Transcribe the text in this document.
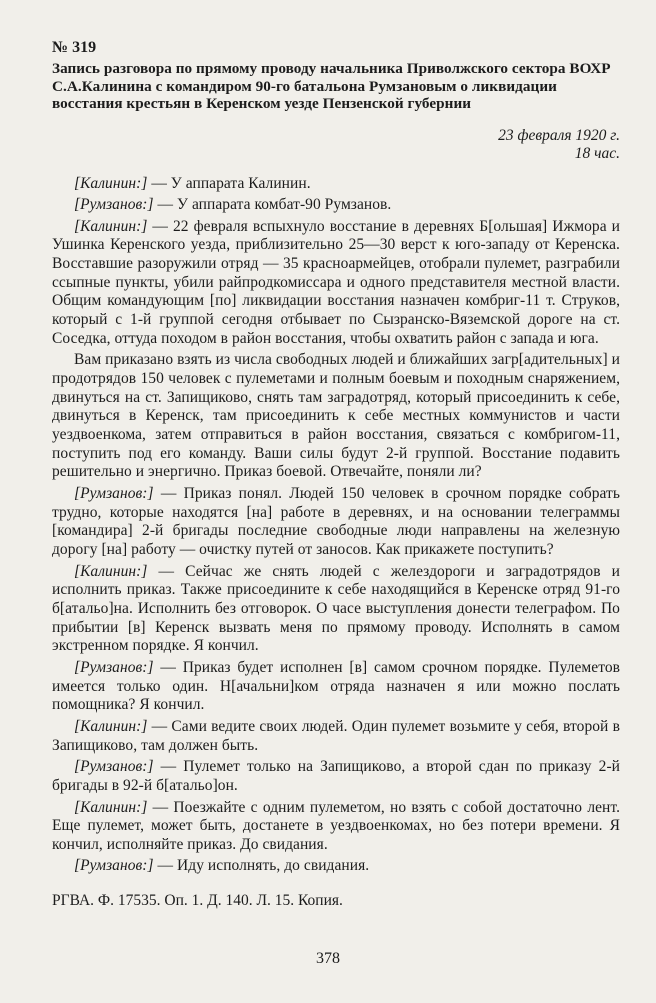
№ 319

Запись разговора по прямому проводу начальника Приволжского сектора ВОХР С.А.Калинина с командиром 90-го батальона Румзановым о ликвидации восстания крестьян в Керенском уезде Пензенской губернии

23 февраля 1920 г.
18 час.

[Калинин:] — У аппарата Калинин.

[Румзанов:] — У аппарата комбат-90 Румзанов.

[Калинин:] — 22 февраля вспыхнуло восстание в деревнях Б[ольшая] Ижмора и Ушинка Керенского уезда, приблизительно 25—30 верст к юго-западу от Керенска. Восставшие разоружили отряд — 35 красноармейцев, отобрали пулемет, разграбили ссыпные пункты, убили райпродкомиссара и одного представителя местной власти. Общим командующим [по] ликвидации восстания назначен комбриг-11 т. Струков, который с 1-й группой сегодня отбывает по Сызранско-Вяземской дороге на ст. Соседка, оттуда походом в район восстания, чтобы охватить район с запада и юга.

Вам приказано взять из числа свободных людей и ближайших загр[адительных] и продотрядов 150 человек с пулеметами и полным боевым и походным снаряжением, двинуться на ст. Запищиково, снять там заградотряд, который присоединить к себе, двинуться в Керенск, там присоединить к себе местных коммунистов и части уездвоенкома, затем отправиться в район восстания, связаться с комбригом-11, поступить под его команду. Ваши силы будут 2-й группой. Восстание подавить решительно и энергично. Приказ боевой. Отвечайте, поняли ли?

[Румзанов:] — Приказ понял. Людей 150 человек в срочном порядке собрать трудно, которые находятся [на] работе в деревнях, и на основании телеграммы [командира] 2-й бригады последние свободные люди направлены на железную дорогу [на] работу — очистку путей от заносов. Как прикажете поступить?

[Калинин:] — Сейчас же снять людей с желездороги и заградотрядов и исполнить приказ. Также присоедините к себе находящийся в Керенске отряд 91-го б[атальо]на. Исполнить без отговорок. О часе выступления донести телеграфом. По прибытии [в] Керенск вызвать меня по прямому проводу. Исполнять в самом экстренном порядке. Я кончил.

[Румзанов:] — Приказ будет исполнен [в] самом срочном порядке. Пулеметов имеется только один. Н[ачальни]ком отряда назначен я или можно послать помощника? Я кончил.

[Калинин:] — Сами ведите своих людей. Один пулемет возьмите у себя, второй в Запищиково, там должен быть.

[Румзанов:] — Пулемет только на Запищиково, а второй сдан по приказу 2-й бригады в 92-й б[атальо]он.

[Калинин:] — Поезжайте с одним пулеметом, но взять с собой достаточно лент. Еще пулемет, может быть, достанете в уездвоенкомах, но без потери времени. Я кончил, исполняйте приказ. До свидания.

[Румзанов:] — Иду исполнять, до свидания.

РГВА. Ф. 17535. Оп. 1. Д. 140. Л. 15. Копия.
378
